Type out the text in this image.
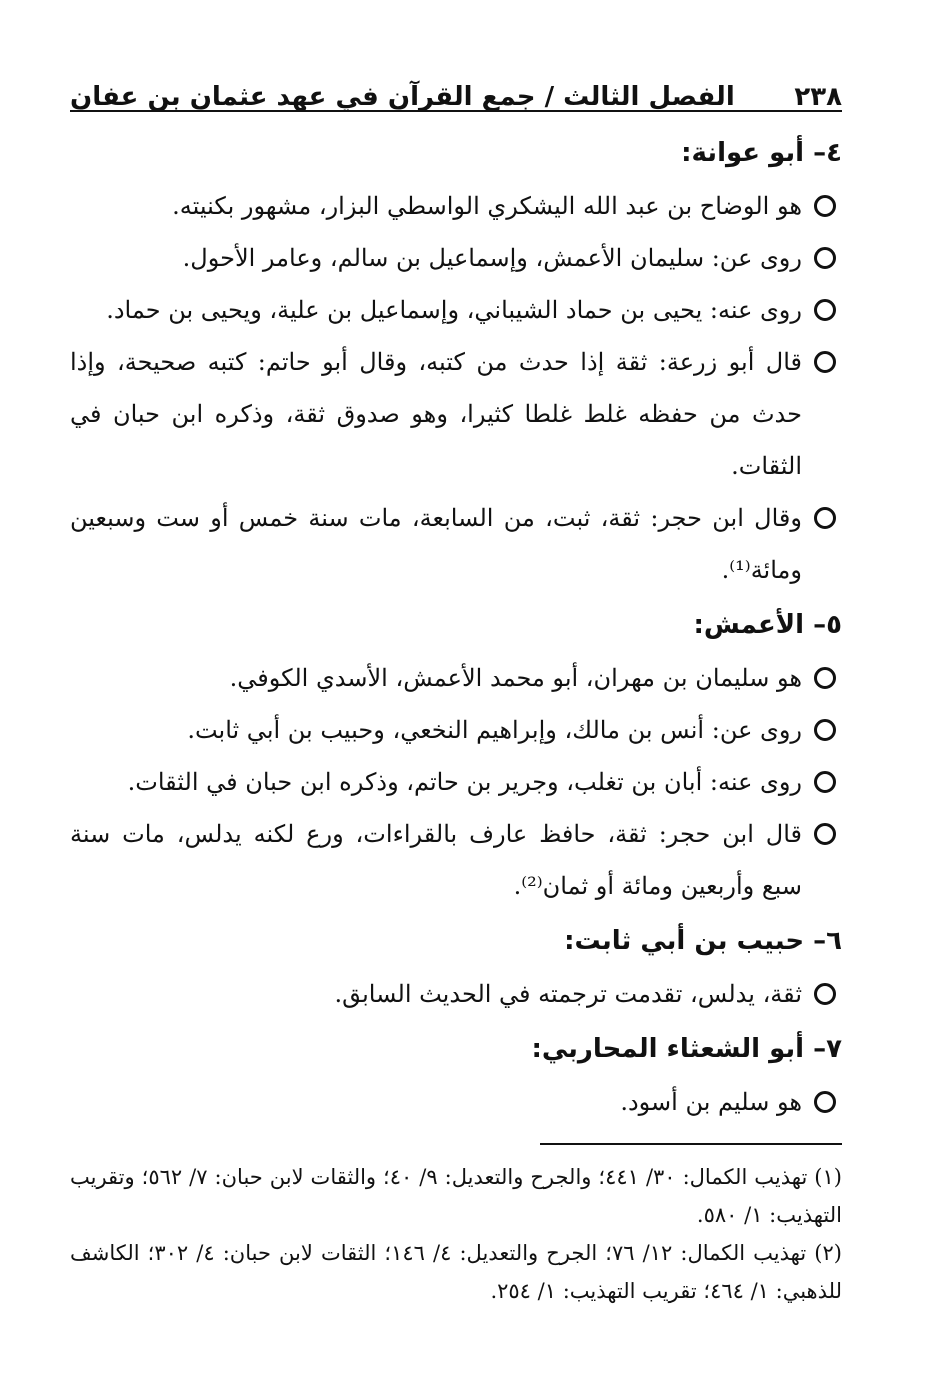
٢٣٨
الفصل الثالث / جمع القرآن في عهد عثمان بن عفان
٤– أبو عوانة:
هو الوضاح بن عبد الله اليشكري الواسطي البزار، مشهور بكنيته.
روى عن: سليمان الأعمش، وإسماعيل بن سالم، وعامر الأحول.
روى عنه: يحيى بن حماد الشيباني، وإسماعيل بن علية، ويحيى بن حماد.
قال أبو زرعة: ثقة إذا حدث من كتبه، وقال أبو حاتم: كتبه صحيحة، وإذا حدث من حفظه غلط غلطا كثيرا، وهو صدوق ثقة، وذكره ابن حبان في الثقات.
وقال ابن حجر: ثقة، ثبت، من السابعة، مات سنة خمس أو ست وسبعين ومائة⁽¹⁾.
٥– الأعمش:
هو سليمان بن مهران، أبو محمد الأعمش، الأسدي الكوفي.
روى عن: أنس بن مالك، وإبراهيم النخعي، وحبيب بن أبي ثابت.
روى عنه: أبان بن تغلب، وجرير بن حاتم، وذكره ابن حبان في الثقات.
قال ابن حجر: ثقة، حافظ عارف بالقراءات، ورع لكنه يدلس، مات سنة سبع وأربعين ومائة أو ثمان⁽²⁾.
٦– حبيب بن أبي ثابت:
ثقة، يدلس، تقدمت ترجمته في الحديث السابق.
٧– أبو الشعثاء المحاربي:
هو سليم بن أسود.
(١) تهذيب الكمال: ٣٠/ ٤٤١؛ والجرح والتعديل: ٩/ ٤٠؛ والثقات لابن حبان: ٧/ ٥٦٢؛ وتقريب التهذيب: ١/ ٥٨٠.
(٢) تهذيب الكمال: ١٢/ ٧٦؛ الجرح والتعديل: ٤/ ١٤٦؛ الثقات لابن حبان: ٤/ ٣٠٢؛ الكاشف للذهبي: ١/ ٤٦٤؛ تقريب التهذيب: ١/ ٢٥٤.
